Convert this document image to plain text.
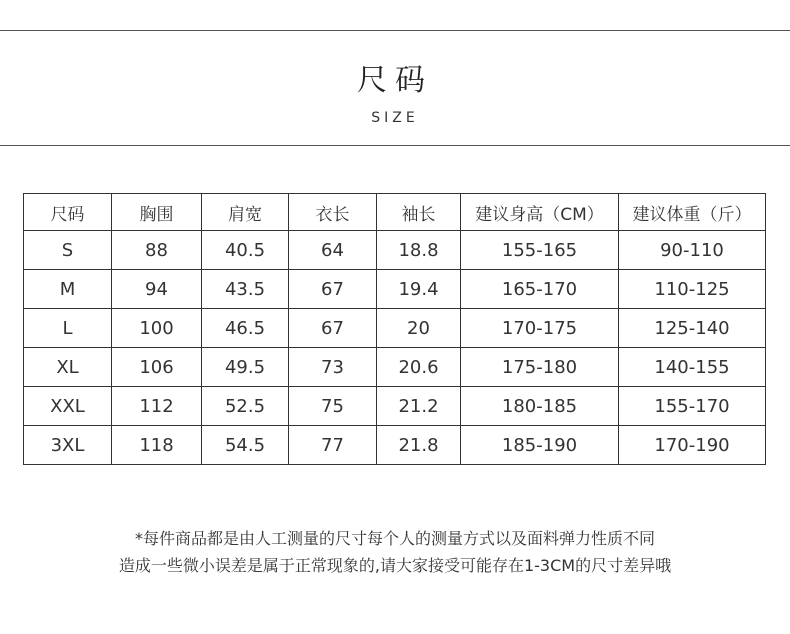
尺码
SIZE
尺码	胸围	肩宽	衣长	袖长	建议身高（CM）	建议体重（斤）
S	88	40.5	64	18.8	155-165	90-110
M	94	43.5	67	19.4	165-170	110-125
L	100	46.5	67	20	170-175	125-140
XL	106	49.5	73	20.6	175-180	140-155
XXL	112	52.5	75	21.2	180-185	155-170
3XL	118	54.5	77	21.8	185-190	170-190
*每件商品都是由人工测量的尺寸每个人的测量方式以及面料弹力性质不同
造成一些微小误差是属于正常现象的,请大家接受可能存在1-3CM的尺寸差异哦
